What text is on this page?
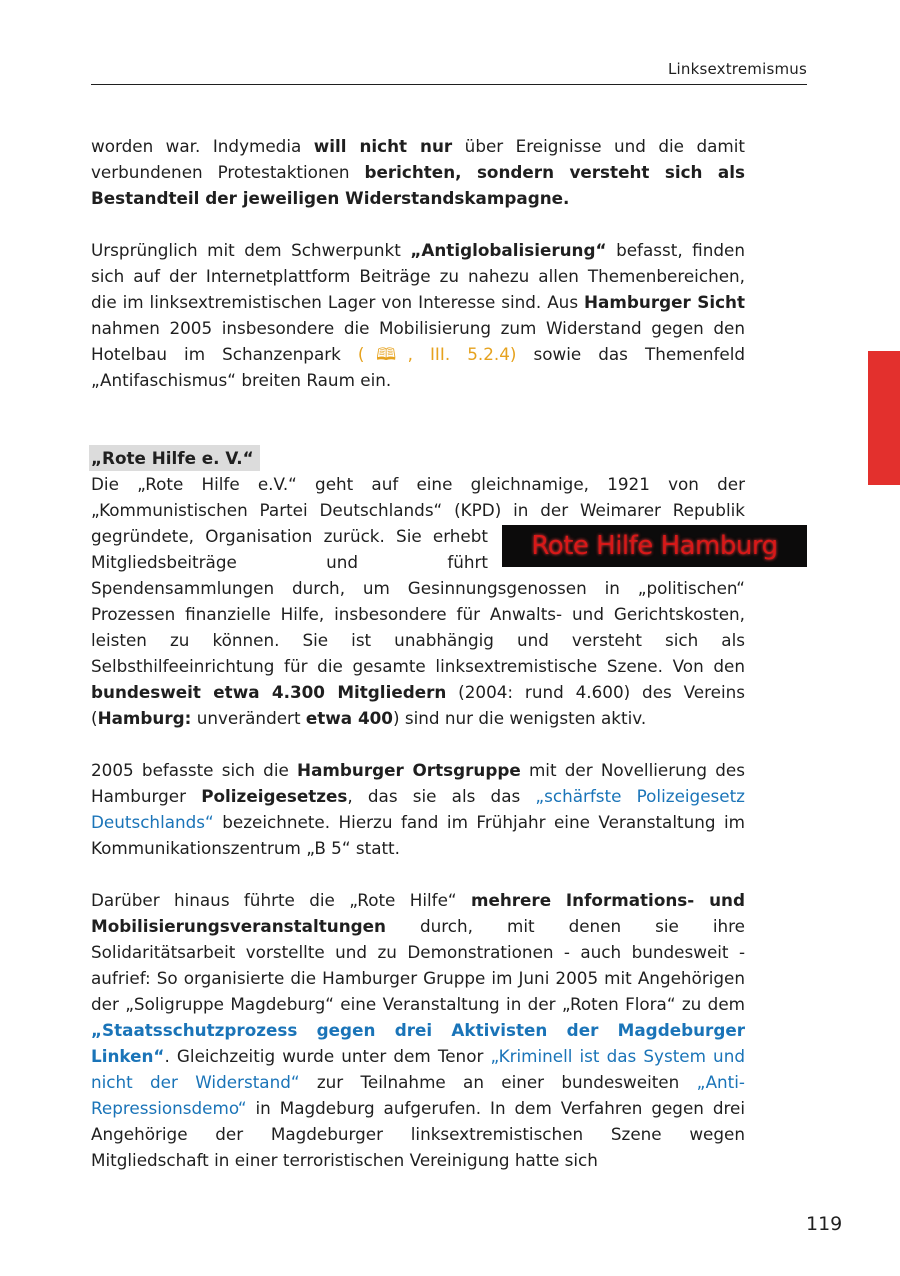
Linksextremismus

worden war. Indymedia will nicht nur über Ereignisse und die damit verbundenen Protestaktionen berichten, sondern versteht sich als Bestandteil der jeweiligen Widerstandskampagne.

Ursprünglich mit dem Schwerpunkt „Antiglobalisierung“ befasst, finden sich auf der Internetplattform Beiträge zu nahezu allen Themenbereichen, die im linksextremistischen Lager von Interesse sind. Aus Hamburger Sicht nahmen 2005 insbesondere die Mobilisierung zum Widerstand gegen den Hotelbau im Schanzenpark (🕮, III. 5.2.4) sowie das Themenfeld „Antifaschismus“ breiten Raum ein.

„Rote Hilfe e. V.“

Die „Rote Hilfe e.V.“ geht auf eine gleichnamige, 1921 von der „Kommunistischen Partei Deutschlands“ (KPD) in der Weimarer Republik
Rote Hilfe Hamburg
gegründete, Organisation zurück. Sie erhebt Mitgliedsbeiträge und führt Spendensammlungen durch, um Gesinnungsgenossen in „politischen“ Prozessen finanzielle Hilfe, insbesondere für Anwalts- und Gerichtskosten, leisten zu können. Sie ist unabhängig und versteht sich als Selbsthilfeeinrichtung für die gesamte linksextremistische Szene. Von den bundesweit etwa 4.300 Mitgliedern (2004: rund 4.600) des Vereins (Hamburg: unverändert etwa 400) sind nur die wenigsten aktiv.

2005 befasste sich die Hamburger Ortsgruppe mit der Novellierung des Hamburger Polizeigesetzes, das sie als das „schärfste Polizeigesetz Deutschlands“ bezeichnete. Hierzu fand im Frühjahr eine Veranstaltung im Kommunikationszentrum „B 5“ statt.

Darüber hinaus führte die „Rote Hilfe“ mehrere Informations- und Mobilisierungsveranstaltungen durch, mit denen sie ihre Solidaritätsarbeit vorstellte und zu Demonstrationen - auch bundesweit - aufrief: So organisierte die Hamburger Gruppe im Juni 2005 mit Angehörigen der „Soligruppe Magdeburg“ eine Veranstaltung in der „Roten Flora“ zu dem „Staatsschutzprozess gegen drei Aktivisten der Magdeburger Linken“. Gleichzeitig wurde unter dem Tenor „Kriminell ist das System und nicht der Widerstand“ zur Teilnahme an einer bundesweiten „Anti-Repressionsdemo“ in Magdeburg aufgerufen. In dem Verfahren gegen drei Angehörige der Magdeburger linksextremistischen Szene wegen Mitgliedschaft in einer terroristischen Vereinigung hatte sich

119
